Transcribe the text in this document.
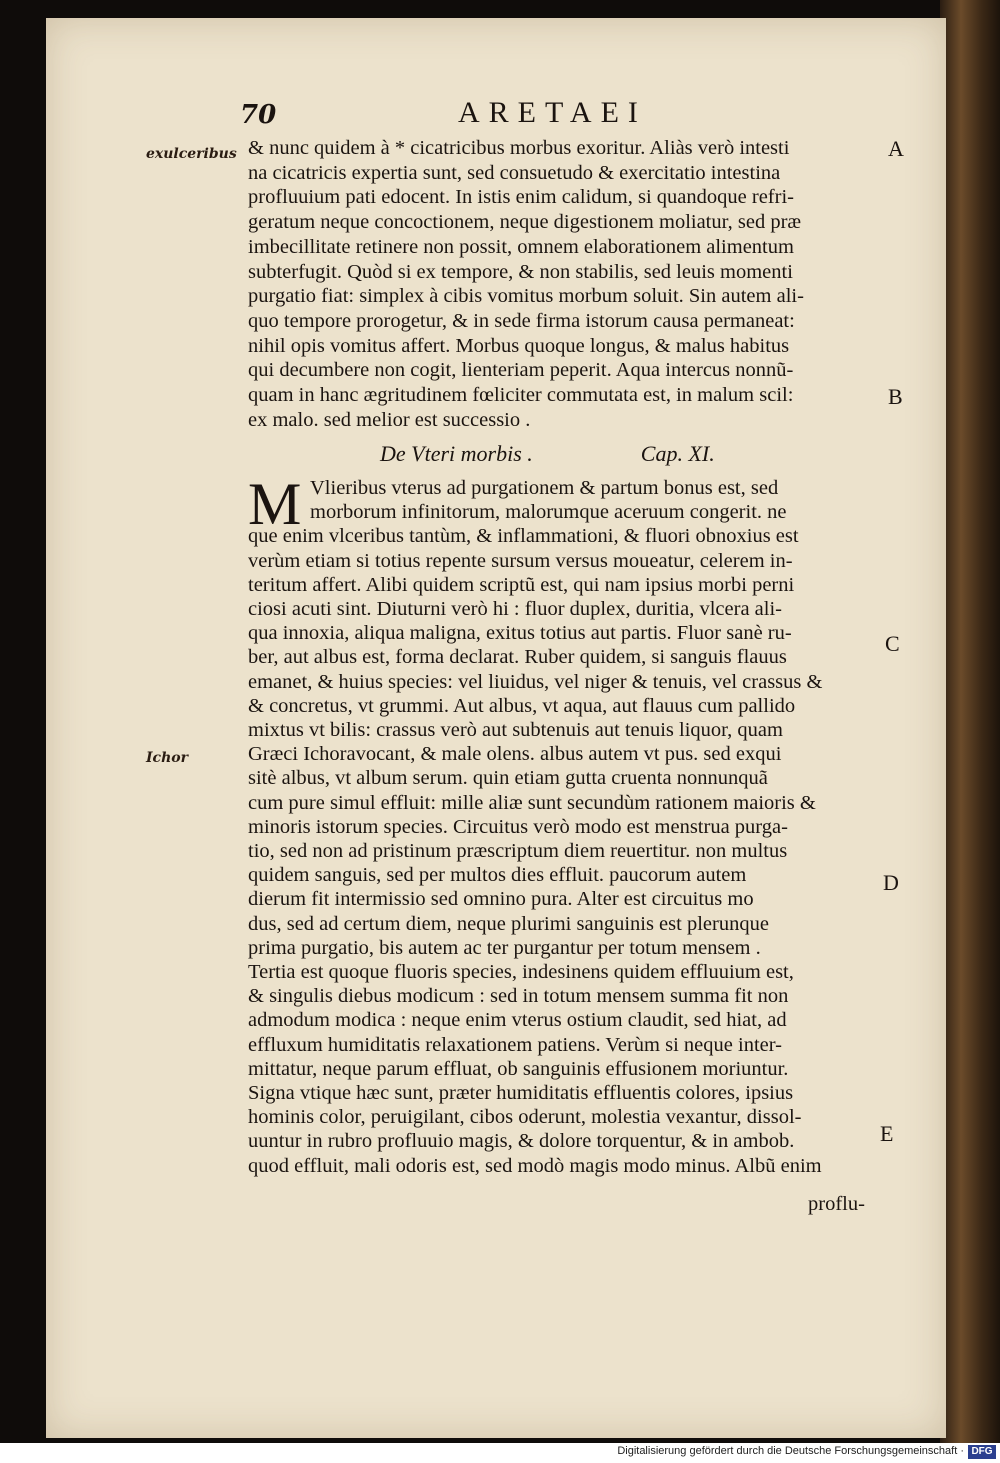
70	ARETAEI
exulceribus
Ichor
A
B
C
D
E
& nunc quidem à * cicatricibus morbus exoritur. Aliàs verò intesti
na cicatricis expertia sunt, sed consuetudo & exercitatio intestina
profluuium pati edocent. In istis enim calidum, si quandoque refri-
geratum neque concoctionem, neque digestionem moliatur, sed præ
imbecillitate retinere non possit, omnem elaborationem alimentum
subterfugit. Quòd si ex tempore, & non stabilis, sed leuis momenti
purgatio fiat: simplex à cibis vomitus morbum soluit. Sin autem ali-
quo tempore prorogetur, & in sede firma istorum causa permaneat:
nihil opis vomitus affert. Morbus quoque longus, & malus habitus
qui decumbere non cogit, lienteriam peperit. Aqua intercus nonnũ-
quam in hanc ægritudinem fœliciter commutata est, in malum scil:
ex malo. sed melior est successio .
Vlieribus vterus ad purgationem & partum bonus est, sed
morborum infinitorum, malorumque aceruum congerit. ne
que enim vlceribus tantùm, & inflammationi, & fluori obnoxius est
verùm etiam si totius repente sursum versus moueatur, celerem in-
teritum affert. Alibi quidem scriptũ est, qui nam ipsius morbi perni
ciosi acuti sint. Diuturni verò hi : fluor duplex, duritia, vlcera ali-
qua innoxia, aliqua maligna, exitus totius aut partis. Fluor sanè ru-
ber, aut albus est, forma declarat. Ruber quidem, si sanguis flauus
emanet, & huius species: vel liuidus, vel niger & tenuis, vel crassus &
& concretus, vt grummi. Aut albus, vt aqua, aut flauus cum pallido
mixtus vt bilis: crassus verò aut subtenuis aut tenuis liquor, quam
Græci Ichoravocant, & male olens. albus autem vt pus. sed exqui
sitè albus, vt album serum. quin etiam gutta cruenta nonnunquã
cum pure simul effluit: mille aliæ sunt secundùm rationem maioris &
minoris istorum species. Circuitus verò modo est menstrua purga-
tio, sed non ad pristinum præscriptum diem reuertitur. non multus
quidem sanguis, sed per multos dies effluit. paucorum autem
dierum fit intermissio sed omnino pura. Alter est circuitus mo
dus, sed ad certum diem, neque plurimi sanguinis est plerunque
prima purgatio, bis autem ac ter purgantur per totum mensem .
Tertia est quoque fluoris species, indesinens quidem effluuium est,
& singulis diebus modicum : sed in totum mensem summa fit non
admodum modica : neque enim vterus ostium claudit, sed hiat, ad
effluxum humiditatis relaxationem patiens. Verùm si neque inter-
mittatur, neque parum effluat, ob sanguinis effusionem moriuntur.
Signa vtique hæc sunt, præter humiditatis effluentis colores, ipsius
hominis color, peruigilant, cibos oderunt, molestia vexantur, dissol-
uuntur in rubro profluuio magis, & dolore torquentur, & in ambob.
quod effluit, mali odoris est, sed modò magis modo minus. Albũ enim
De Vteri morbis .	Cap. XI.
M
proflu-
Digitalisierung gefördert durch die Deutsche Forschungsgemeinschaft · DFG
